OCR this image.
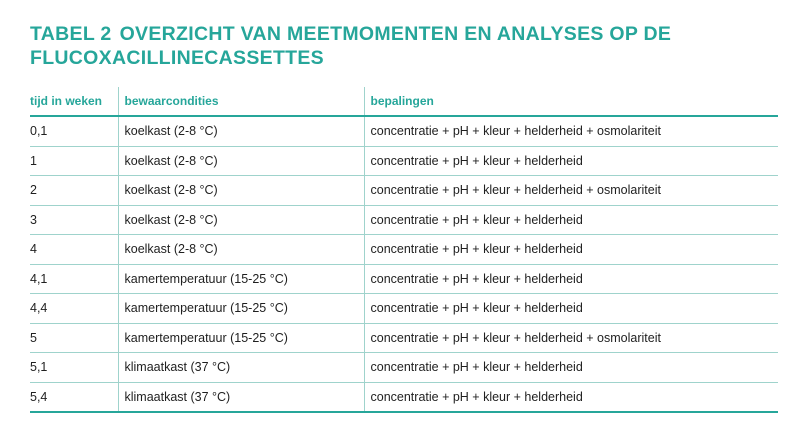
TABEL 2 OVERZICHT VAN MEETMOMENTEN EN ANALYSES OP DE
FLUCOXACILLINECASSETTES
tijd in weken	bewaarcondities	bepalingen
0,1	koelkast (2-8 °C)	concentratie + pH + kleur + helderheid + osmolariteit
1	koelkast (2-8 °C)	concentratie + pH + kleur + helderheid
2	koelkast (2-8 °C)	concentratie + pH + kleur + helderheid + osmolariteit
3	koelkast (2-8 °C)	concentratie + pH + kleur + helderheid
4	koelkast (2-8 °C)	concentratie + pH + kleur + helderheid
4,1	kamertemperatuur (15-25 °C)	concentratie + pH + kleur + helderheid
4,4	kamertemperatuur (15-25 °C)	concentratie + pH + kleur + helderheid
5	kamertemperatuur (15-25 °C)	concentratie + pH + kleur + helderheid + osmolariteit
5,1	klimaatkast (37 °C)	concentratie + pH + kleur + helderheid
5,4	klimaatkast (37 °C)	concentratie + pH + kleur + helderheid
